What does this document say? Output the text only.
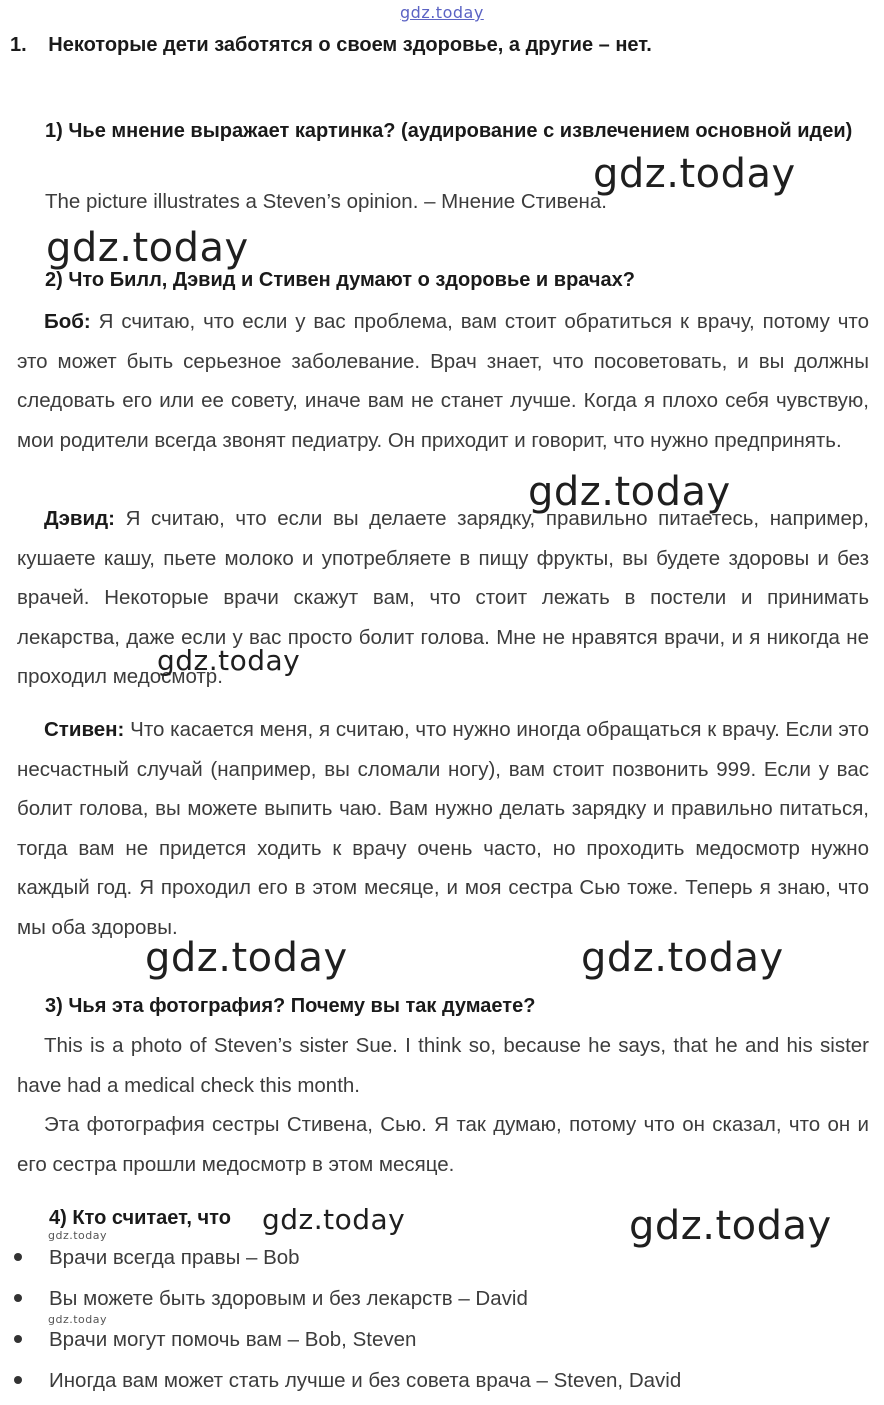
gdz.today
1. Некоторые дети заботятся о своем здоровье, а другие – нет.
1) Чье мнение выражает картинка? (аудирование с извлечением основной идеи)
The picture illustrates a Steven’s opinion. – Мнение Стивена.
2) Что Билл, Дэвид и Стивен думают о здоровье и врачах?
Боб: Я считаю, что если у вас проблема, вам стоит обратиться к врачу, потому что это может быть серьезное заболевание. Врач знает, что посоветовать, и вы должны следовать его или ее совету, иначе вам не станет лучше. Когда я плохо себя чувствую, мои родители всегда звонят педиатру. Он приходит и говорит, что нужно предпринять.
Дэвид: Я считаю, что если вы делаете зарядку, правильно питаетесь, например, кушаете кашу, пьете молоко и употребляете в пищу фрукты, вы будете здоровы и без врачей. Некоторые врачи скажут вам, что стоит лежать в постели и принимать лекарства, даже если у вас просто болит голова. Мне не нравятся врачи, и я никогда не проходил медосмотр.
Стивен: Что касается меня, я считаю, что нужно иногда обращаться к врачу. Если это несчастный случай (например, вы сломали ногу), вам стоит позвонить 999. Если у вас болит голова, вы можете выпить чаю. Вам нужно делать зарядку и правильно питаться, тогда вам не придется ходить к врачу очень часто, но проходить медосмотр нужно каждый год. Я проходил его в этом месяце, и моя сестра Сью тоже. Теперь я знаю, что мы оба здоровы.
3) Чья эта фотография? Почему вы так думаете?
This is a photo of Steven’s sister Sue. I think so, because he says, that he and his sister have had a medical check this month.
Эта фотография сестры Стивена, Сью. Я так думаю, потому что он сказал, что он и его сестра прошли медосмотр в этом месяце.
4) Кто считает, что
Врачи всегда правы – Bob
Вы можете быть здоровым и без лекарств – David
Врачи могут помочь вам – Bob, Steven
Иногда вам может стать лучше и без совета врача – Steven, David
gdz.today
gdz.today
gdz.today
gdz.today
gdz.today	gdz.today
gdz.today	gdz.today
gdz.today
gdz.today
